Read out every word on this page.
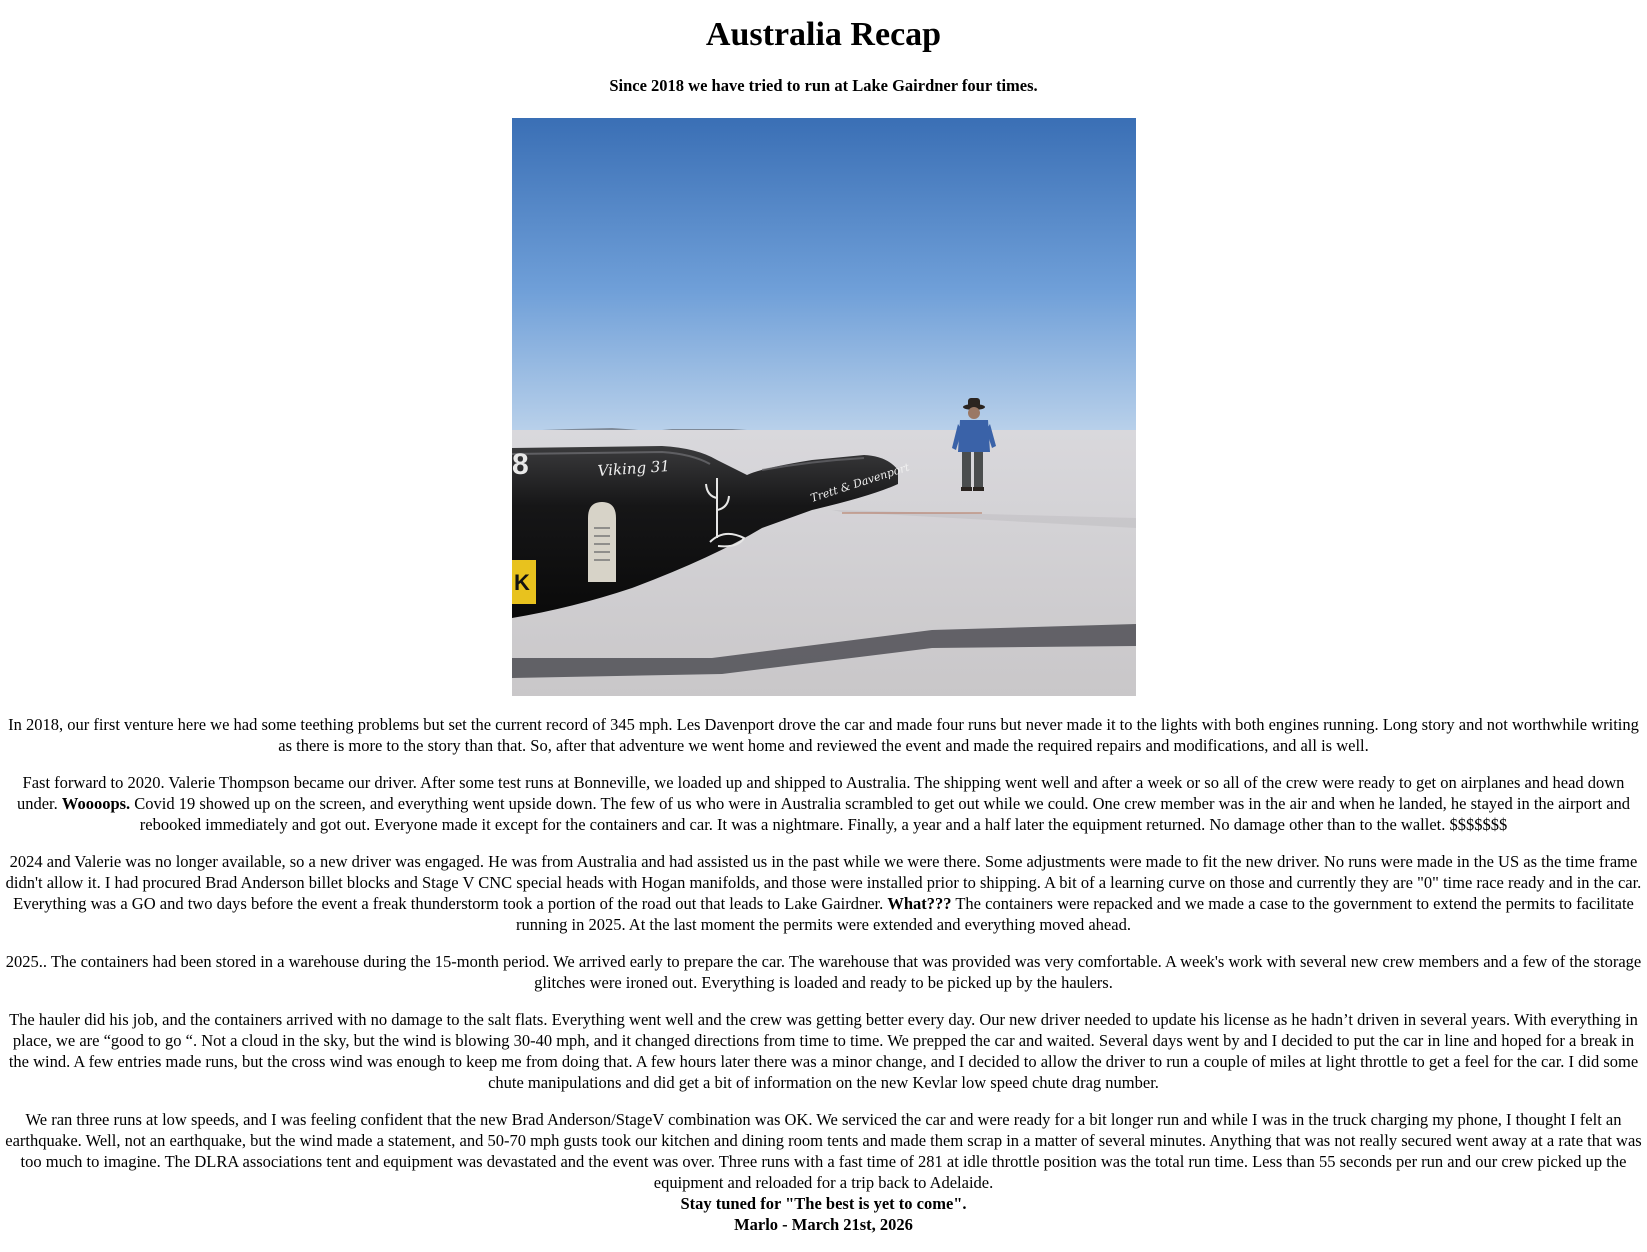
Australia Recap
Since 2018 we have tried to run at Lake Gairdner four times.
K
8	Viking 31	Trett & Davenport

In 2018, our first venture here we had some teething problems but set the current record of 345 mph. Les Davenport drove the car and made four runs but never made it to the lights with both engines running. Long story and not worthwhile writing as there is more to the story than that. So, after that adventure we went home and reviewed the event and made the required repairs and modifications, and all is well.

Fast forward to 2020. Valerie Thompson became our driver. After some test runs at Bonneville, we loaded up and shipped to Australia. The shipping went well and after a week or so all of the crew were ready to get on airplanes and head down under. Woooops. Covid 19 showed up on the screen, and everything went upside down. The few of us who were in Australia scrambled to get out while we could. One crew member was in the air and when he landed, he stayed in the airport and rebooked immediately and got out. Everyone made it except for the containers and car. It was a nightmare. Finally, a year and a half later the equipment returned. No damage other than to the wallet. $$$$$$$

2024 and Valerie was no longer available, so a new driver was engaged. He was from Australia and had assisted us in the past while we were there. Some adjustments were made to fit the new driver. No runs were made in the US as the time frame didn't allow it. I had procured Brad Anderson billet blocks and Stage V CNC special heads with Hogan manifolds, and those were installed prior to shipping. A bit of a learning curve on those and currently they are "0" time race ready and in the car. Everything was a GO and two days before the event a freak thunderstorm took a portion of the road out that leads to Lake Gairdner. What??? The containers were repacked and we made a case to the government to extend the permits to facilitate running in 2025. At the last moment the permits were extended and everything moved ahead.

2025.. The containers had been stored in a warehouse during the 15-month period. We arrived early to prepare the car. The warehouse that was provided was very comfortable. A week's work with several new crew members and a few of the storage glitches were ironed out. Everything is loaded and ready to be picked up by the haulers.

The hauler did his job, and the containers arrived with no damage to the salt flats. Everything went well and the crew was getting better every day. Our new driver needed to update his license as he hadn’t driven in several years. With everything in place, we are “good to go “. Not a cloud in the sky, but the wind is blowing 30-40 mph, and it changed directions from time to time. We prepped the car and waited. Several days went by and I decided to put the car in line and hoped for a break in the wind. A few entries made runs, but the cross wind was enough to keep me from doing that. A few hours later there was a minor change, and I decided to allow the driver to run a couple of miles at light throttle to get a feel for the car. I did some chute manipulations and did get a bit of information on the new Kevlar low speed chute drag number.

We ran three runs at low speeds, and I was feeling confident that the new Brad Anderson/StageV combination was OK. We serviced the car and were ready for a bit longer run and while I was in the truck charging my phone, I thought I felt an earthquake. Well, not an earthquake, but the wind made a statement, and 50-70 mph gusts took our kitchen and dining room tents and made them scrap in a matter of several minutes. Anything that was not really secured went away at a rate that was too much to imagine. The DLRA associations tent and equipment was devastated and the event was over. Three runs with a fast time of 281 at idle throttle position was the total run time. Less than 55 seconds per run and our crew picked up the equipment and reloaded for a trip back to Adelaide.

Stay tuned for "The best is yet to come".
Marlo - March 21st, 2026
